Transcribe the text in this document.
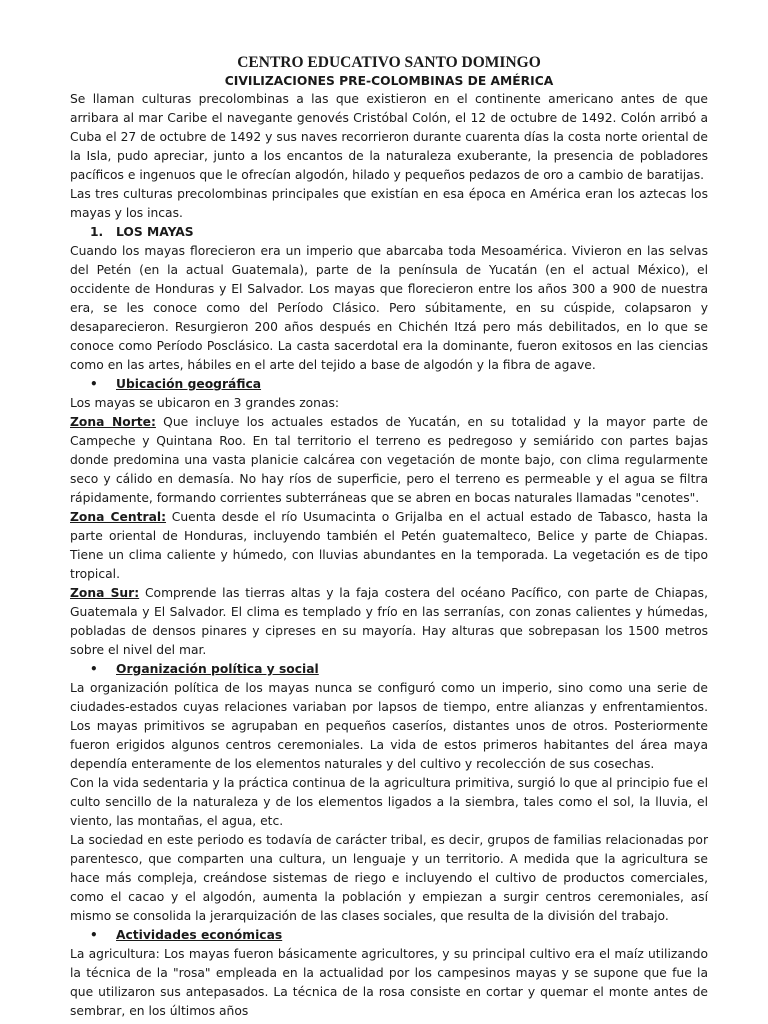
CENTRO EDUCATIVO SANTO DOMINGO

CIVILIZACIONES PRE-COLOMBINAS DE AMÉRICA

Se llaman culturas precolombinas a las que existieron en el continente americano antes de que arribara al mar Caribe el navegante genovés Cristóbal Colón, el 12 de octubre de 1492. Colón arribó a Cuba el 27 de octubre de 1492 y sus naves recorrieron durante cuarenta días la costa norte oriental de la Isla, pudo apreciar, junto a los encantos de la naturaleza exuberante, la presencia de pobladores pacíficos e ingenuos que le ofrecían algodón, hilado y pequeños pedazos de oro a cambio de baratijas.

Las tres culturas precolombinas principales que existían en esa época en América eran los aztecas los mayas y los incas.

1. LOS MAYAS

Cuando los mayas florecieron era un imperio que abarcaba toda Mesoamérica. Vivieron en las selvas del Petén (en la actual Guatemala), parte de la península de Yucatán (en el actual México), el occidente de Honduras y El Salvador. Los mayas que florecieron entre los años 300 a 900 de nuestra era, se les conoce como del Período Clásico. Pero súbitamente, en su cúspide, colapsaron y desaparecieron. Resurgieron 200 años después en Chichén Itzá pero más debilitados, en lo que se conoce como Período Posclásico. La casta sacerdotal era la dominante, fueron exitosos en las ciencias como en las artes, hábiles en el arte del tejido a base de algodón y la fibra de agave.

• Ubicación geográfica

Los mayas se ubicaron en 3 grandes zonas:

Zona Norte: Que incluye los actuales estados de Yucatán, en su totalidad y la mayor parte de Campeche y Quintana Roo. En tal territorio el terreno es pedregoso y semiárido con partes bajas donde predomina una vasta planicie calcárea con vegetación de monte bajo, con clima regularmente seco y cálido en demasía. No hay ríos de superficie, pero el terreno es permeable y el agua se filtra rápidamente, formando corrientes subterráneas que se abren en bocas naturales llamadas "cenotes".

Zona Central: Cuenta desde el río Usumacinta o Grijalba en el actual estado de Tabasco, hasta la parte oriental de Honduras, incluyendo también el Petén guatemalteco, Belice y parte de Chiapas. Tiene un clima caliente y húmedo, con lluvias abundantes en la temporada. La vegetación es de tipo tropical.

Zona Sur: Comprende las tierras altas y la faja costera del océano Pacífico, con parte de Chiapas, Guatemala y El Salvador. El clima es templado y frío en las serranías, con zonas calientes y húmedas, pobladas de densos pinares y cipreses en su mayoría. Hay alturas que sobrepasan los 1500 metros sobre el nivel del mar.

• Organización política y social

La organización política de los mayas nunca se configuró como un imperio, sino como una serie de ciudades-estados cuyas relaciones variaban por lapsos de tiempo, entre alianzas y enfrentamientos. Los mayas primitivos se agrupaban en pequeños caseríos, distantes unos de otros. Posteriormente fueron erigidos algunos centros ceremoniales. La vida de estos primeros habitantes del área maya dependía enteramente de los elementos naturales y del cultivo y recolección de sus cosechas.

Con la vida sedentaria y la práctica continua de la agricultura primitiva, surgió lo que al principio fue el culto sencillo de la naturaleza y de los elementos ligados a la siembra, tales como el sol, la lluvia, el viento, las montañas, el agua, etc.

La sociedad en este periodo es todavía de carácter tribal, es decir, grupos de familias relacionadas por parentesco, que comparten una cultura, un lenguaje y un territorio. A medida que la agricultura se hace más compleja, creándose sistemas de riego e incluyendo el cultivo de productos comerciales, como el cacao y el algodón, aumenta la población y empiezan a surgir centros ceremoniales, así mismo se consolida la jerarquización de las clases sociales, que resulta de la división del trabajo.

• Actividades económicas

La agricultura: Los mayas fueron básicamente agricultores, y su principal cultivo era el maíz utilizando la técnica de la "rosa" empleada en la actualidad por los campesinos mayas y se supone que fue la que utilizaron sus antepasados. La técnica de la rosa consiste en cortar y quemar el monte antes de sembrar, en los últimos años
